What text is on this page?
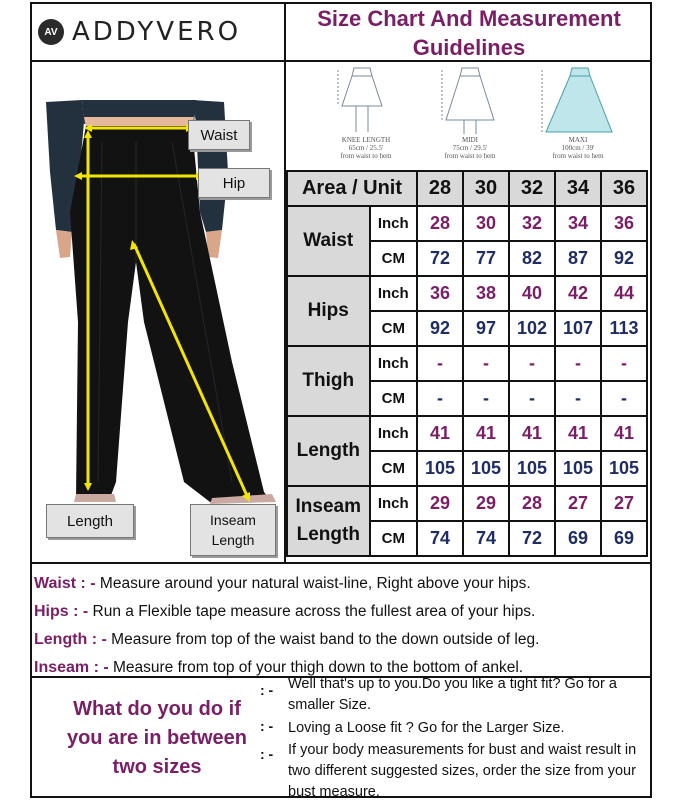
AV ADDYVERO	Size Chart And Measurement Guidelines
Waist
Hip
Length	Inseam Length
KNEE LENGTH
65cm / 25.5'
from waist to hem
MIDI
75cm / 29.5'
from waist to hem
MAXI
100cm / 39'
from waist to hem
Area / Unit		28	30	32	34	36
Waist	Inch	28	30	32	34	36
	CM	72	77	82	87	92
Hips	Inch	36	38	40	42	44
	CM	92	97	102	107	113
Thigh	Inch	-	-	-	-	-
	CM	-	-	-	-	-
Length	Inch	41	41	41	41	41
	CM	105	105	105	105	105
Inseam Length	Inch	29	29	28	27	27
	CM	74	74	72	69	69
Waist : - Measure around your natural waist-line, Right above your hips.
Hips : - Run a Flexible tape measure across the fullest area of your hips.
Length : - Measure from top of the waist band to the down outside of leg.
Inseam : - Measure from top of your thigh down to the bottom of ankel.
What do you do if you are in between two sizes
: -	Well that's up to you.Do you like a tight fit? Go for a smaller Size.
: -	Loving a Loose fit ? Go for the Larger Size.
: -	If your body measurements for bust and waist result in two different suggested sizes, order the size from your bust measure.
